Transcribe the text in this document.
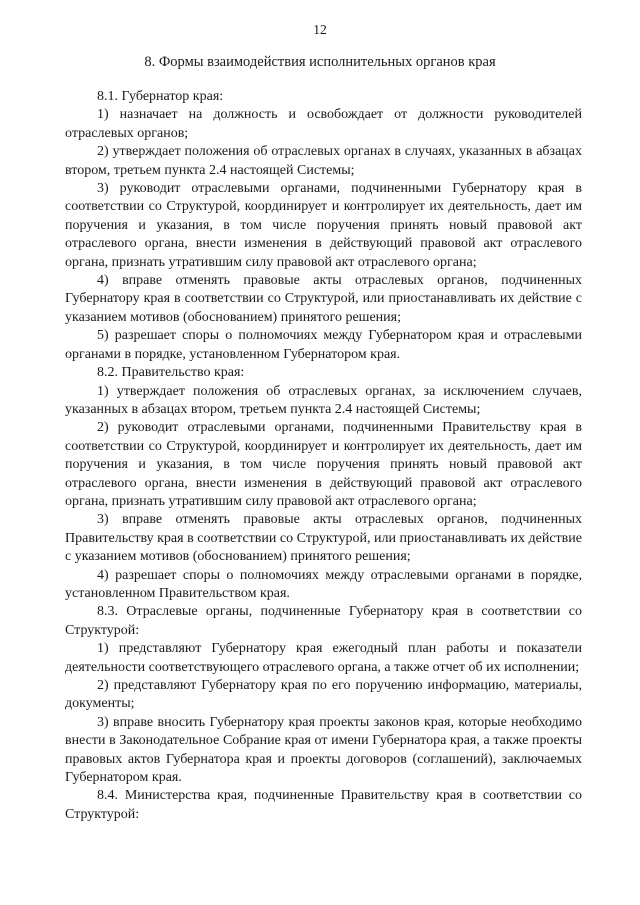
12
8. Формы взаимодействия исполнительных органов края

8.1. Губернатор края:

1) назначает на должность и освобождает от должности руководителей отраслевых органов;

2) утверждает положения об отраслевых органах в случаях, указанных в абзацах втором, третьем пункта 2.4 настоящей Системы;

3) руководит отраслевыми органами, подчиненными Губернатору края в соответствии со Структурой, координирует и контролирует их деятельность, дает им поручения и указания, в том числе поручения принять новый правовой акт отраслевого органа, внести изменения в действующий правовой акт отраслевого органа, признать утратившим силу правовой акт отраслевого органа;

4) вправе отменять правовые акты отраслевых органов, подчиненных Губернатору края в соответствии со Структурой, или приостанавливать их действие с указанием мотивов (обоснованием) принятого решения;

5) разрешает споры о полномочиях между Губернатором края и отраслевыми органами в порядке, установленном Губернатором края.

8.2. Правительство края:

1) утверждает положения об отраслевых органах, за исключением случаев, указанных в абзацах втором, третьем пункта 2.4 настоящей Системы;

2) руководит отраслевыми органами, подчиненными Правительству края в соответствии со Структурой, координирует и контролирует их деятельность, дает им поручения и указания, в том числе поручения принять новый правовой акт отраслевого органа, внести изменения в действующий правовой акт отраслевого органа, признать утратившим силу правовой акт отраслевого органа;

3) вправе отменять правовые акты отраслевых органов, подчиненных Правительству края в соответствии со Структурой, или приостанавливать их действие с указанием мотивов (обоснованием) принятого решения;

4) разрешает споры о полномочиях между отраслевыми органами в порядке, установленном Правительством края.

8.3. Отраслевые органы, подчиненные Губернатору края в соответствии со Структурой:

1) представляют Губернатору края ежегодный план работы и показатели деятельности соответствующего отраслевого органа, а также отчет об их исполнении;

2) представляют Губернатору края по его поручению информацию, материалы, документы;

3) вправе вносить Губернатору края проекты законов края, которые необходимо внести в Законодательное Собрание края от имени Губернатора края, а также проекты правовых актов Губернатора края и проекты договоров (соглашений), заключаемых Губернатором края.

8.4. Министерства края, подчиненные Правительству края в соответствии со Структурой:
